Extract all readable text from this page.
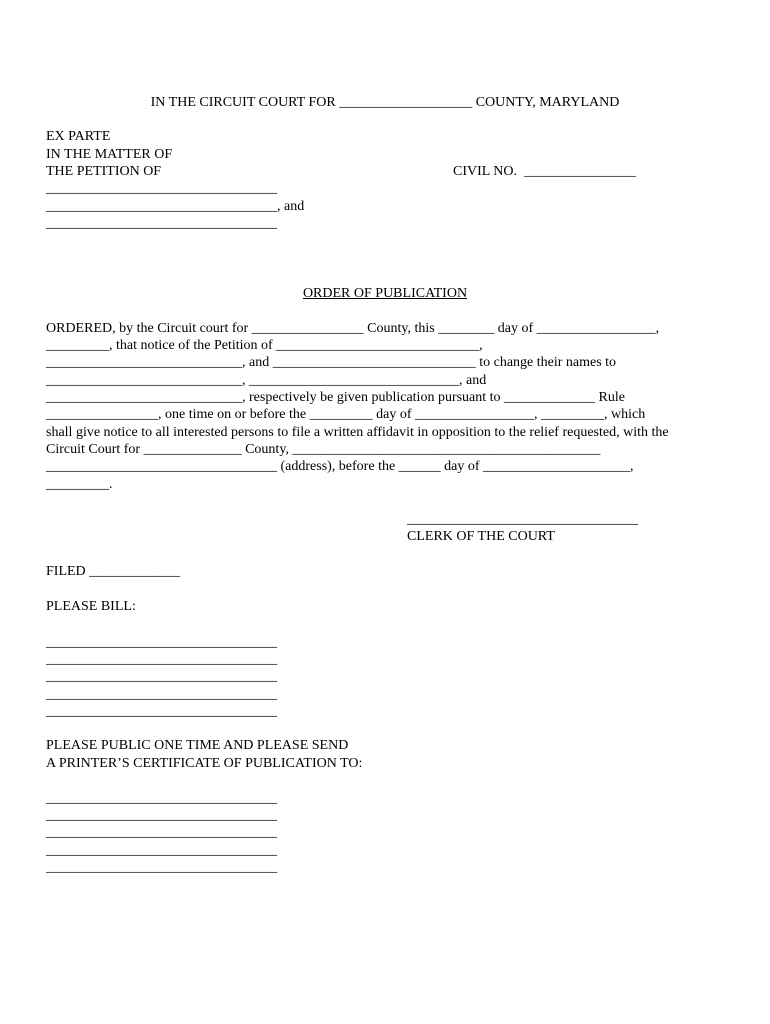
IN THE CIRCUIT COURT FOR ___________________ COUNTY, MARYLAND
EX PARTE
IN THE MATTER OF
THE PETITION OF	CIVIL NO.  ________________
_________________________________
_________________________________, and
_________________________________
ORDER OF PUBLICATION
ORDERED, by the Circuit court for ________________ County, this ________ day of _________________,
_________, that notice of the Petition of _____________________________,
____________________________, and _____________________________ to change their names to
____________________________, ______________________________, and
____________________________, respectively be given publication pursuant to _____________ Rule
________________, one time on or before the _________ day of _________________, _________, which
shall give notice to all interested persons to file a written affidavit in opposition to the relief requested, with the
Circuit Court for ______________ County, ____________________________________________
_________________________________ (address), before the ______ day of _____________________,
_________.
_________________________________
CLERK OF THE COURT
FILED _____________
PLEASE BILL:
_________________________________
_________________________________
_________________________________
_________________________________
_________________________________
PLEASE PUBLIC ONE TIME AND PLEASE SEND
A PRINTER’S CERTIFICATE OF PUBLICATION TO:
_________________________________
_________________________________
_________________________________
_________________________________
_________________________________
